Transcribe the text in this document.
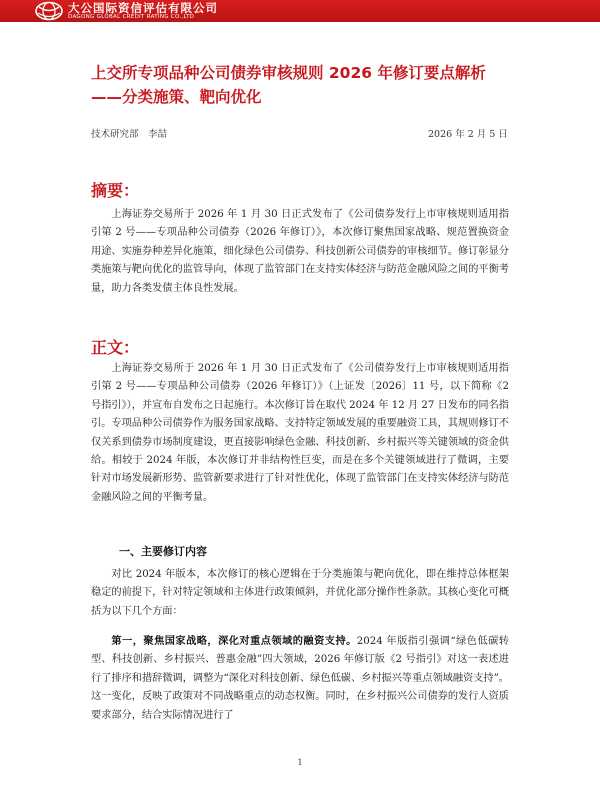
大公国际资信评估有限公司
DAGONG GLOBAL CREDIT RATING CO.,LTD
上交所专项品种公司债券审核规则 2026 年修订要点解析
——分类施策、靶向优化
技术研究部　李喆	2026 年 2 月 5 日
摘要：

上海证券交易所于 2026 年 1 月 30 日正式发布了《公司债券发行上市审核规则适用指引第 2 号——专项品种公司债券（2026 年修订）》，本次修订聚焦国家战略、规范置换资金用途、实施券种差异化施策，细化绿色公司债券、科技创新公司债券的审核细节。修订彰显分类施策与靶向优化的监管导向，体现了监管部门在支持实体经济与防范金融风险之间的平衡考量，助力各类发债主体良性发展。

正文：

上海证券交易所于 2026 年 1 月 30 日正式发布了《公司债券发行上市审核规则适用指引第 2 号——专项品种公司债券（2026 年修订）》（上证发〔2026〕11 号，以下简称《2 号指引》），并宣布自发布之日起施行。本次修订旨在取代 2024 年 12 月 27 日发布的同名指引。专项品种公司债券作为服务国家战略、支持特定领域发展的重要融资工具，其规则修订不仅关系到债券市场制度建设，更直接影响绿色金融、科技创新、乡村振兴等关键领域的资金供给。相较于 2024 年版，本次修订并非结构性巨变，而是在多个关键领域进行了微调，主要针对市场发展新形势、监管新要求进行了针对性优化，体现了监管部门在支持实体经济与防范金融风险之间的平衡考量。

一、主要修订内容

对比 2024 年版本，本次修订的核心逻辑在于分类施策与靶向优化，即在维持总体框架稳定的前提下，针对特定领域和主体进行政策倾斜，并优化部分操作性条款。其核心变化可概括为以下几个方面：

第一，聚焦国家战略，深化对重点领域的融资支持。2024 年版指引强调“绿色低碳转型、科技创新、乡村振兴、普惠金融”四大领域，2026 年修订版《2 号指引》对这一表述进行了排序和措辞微调，调整为“深化对科技创新、绿色低碳、乡村振兴等重点领域融资支持”。这一变化，反映了政策对不同战略重点的动态权衡。同时，在乡村振兴公司债券的发行人资质要求部分，结合实际情况进行了

1
